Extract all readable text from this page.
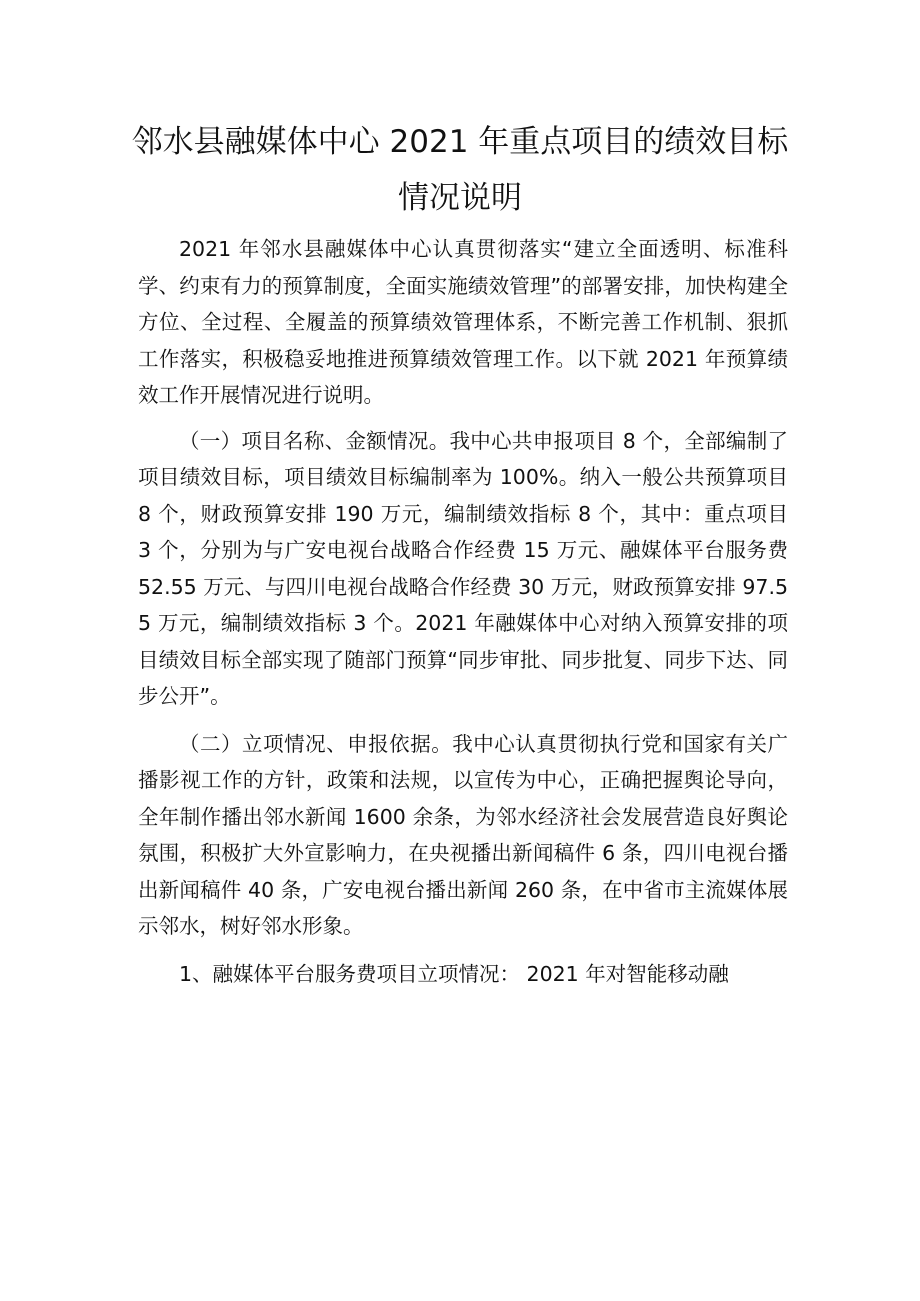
邻水县融媒体中心 2021 年重点项目的绩效目标情况说明

2021 年邻水县融媒体中心认真贯彻落实“建立全面透明、标准科学、约束有力的预算制度，全面实施绩效管理”的部署安排，加快构建全方位、全过程、全履盖的预算绩效管理体系，不断完善工作机制、狠抓工作落实，积极稳妥地推进预算绩效管理工作。以下就 2021 年预算绩效工作开展情况进行说明。

（一）项目名称、金额情况。我中心共申报项目 8 个，全部编制了项目绩效目标，项目绩效目标编制率为 100%。纳入一般公共预算项目 8 个，财政预算安排 190 万元，编制绩效指标 8 个，其中：重点项目 3 个，分别为与广安电视台战略合作经费 15 万元、融媒体平台服务费 52.55 万元、与四川电视台战略合作经费 30 万元，财政预算安排 97.55 万元，编制绩效指标 3 个。2021 年融媒体中心对纳入预算安排的项目绩效目标全部实现了随部门预算“同步审批、同步批复、同步下达、同步公开”。

（二）立项情况、申报依据。我中心认真贯彻执行党和国家有关广播影视工作的方针，政策和法规，以宣传为中心，正确把握舆论导向，全年制作播出邻水新闻 1600 余条，为邻水经济社会发展营造良好舆论氛围，积极扩大外宣影响力，在央视播出新闻稿件 6 条，四川电视台播出新闻稿件 40 条，广安电视台播出新闻 260 条，在中省市主流媒体展示邻水，树好邻水形象。

1、融媒体平台服务费项目立项情况： 2021 年对智能移动融
